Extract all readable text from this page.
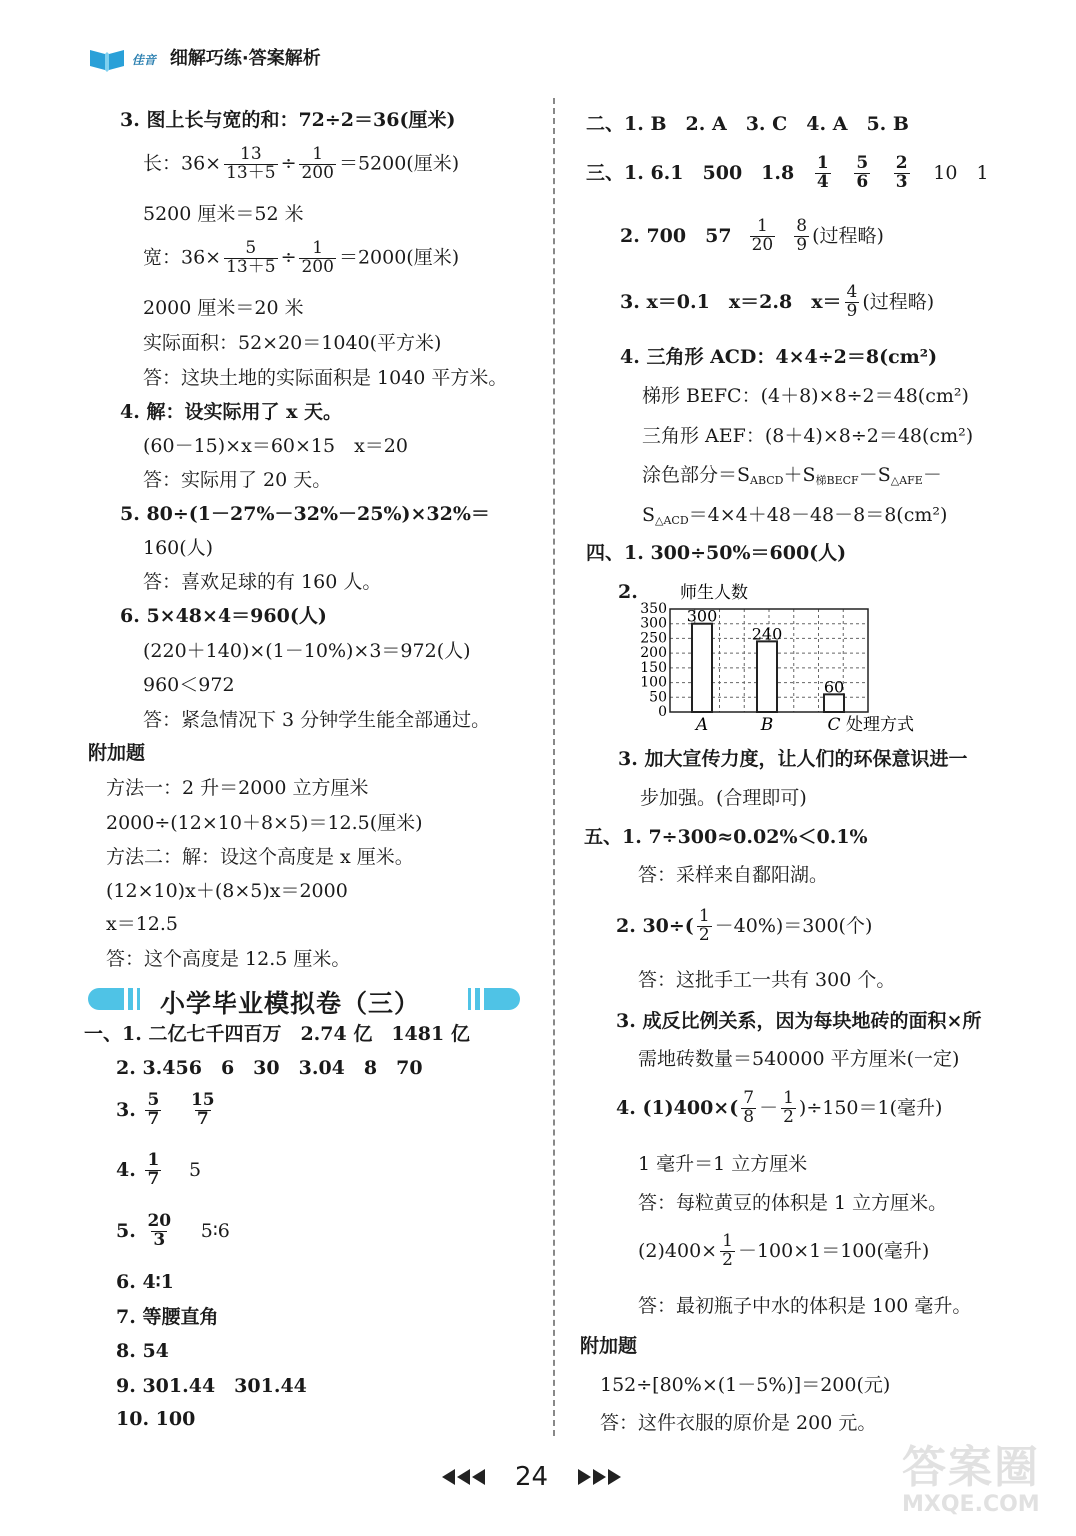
佳音 细解巧练·答案解析
3. 图上长与宽的和：72÷2＝36(厘米)
长：$36\times \frac{13}{13+5} \div \frac{1}{200} =5200$(厘米)
5200 厘米＝52 米
宽：$36\times \frac{5}{13+5} \div \frac{1}{200} =2000$(厘米)
2000 厘米＝20 米
实际面积：52×20＝1040(平方米)
答：这块土地的实际面积是 1040 平方米。
4. 解：设实际用了 x 天。
(60－15)×x＝60×15　x＝20
答：实际用了 20 天。
5. 80÷(1－27%－32%－25%)×32%＝
160(人)
答：喜欢足球的有 160 人。
6. 5×48×4＝960(人)
(220＋140)×(1－10%)×3＝972(人)
960＜972
答：紧急情况下 3 分钟学生能全部通过。
附加题
方法一：2 升＝2000 立方厘米
2000÷(12×10＋8×5)＝12.5(厘米)
方法二：解：设这个高度是 x 厘米。
(12×10)x＋(8×5)x＝2000
x＝12.5
答：这个高度是 12.5 厘米。
小学毕业模拟卷（三）
一、1. 二亿七千四百万　2.74 亿　1481 亿
2. 3.456　6　30　3.04　8　70
3. $\frac{5}{7}$
$\frac{15}{7}$
4. $\frac{1}{7} 5$
5. $\frac{20}{3}$ 5∶6
6. 4∶1
7. 等腰直角
8. 54
9. 301.44　301.44
10. 100
二、1. B　2. A　3. C　4. A　5. B
三、1. 6.1　500　$1.8 \frac{1}{4}$
$\frac{5}{6}$
$\frac{2}{3} 10$　1
2. 700　$57 \frac{1}{20}$
$\frac{8}{9}$ (过程略)
3. x＝0.1　x＝2.8　$x= \frac{4}{9}$ (过程略)
4. 三角形 ACD：4×4÷2＝8(cm²)
梯形 BEFC：(4＋8)×8÷2＝48(cm²)
三角形 AEF：(8＋4)×8÷2＝48(cm²)
涂色部分$=S_{ABCD}+S_{梯BECF}-S_{\triangle AFE}-$
$S_{\triangle ACD}=4\times 4+48-48-8=8(cm^2)$
四、1. 300÷50%＝600(人)
2. 师生人数
处理方式
350
300
250
200
150
100
50
0
300
A
240
B
60
C
3. 加大宣传力度，让人们的环保意识进一
步加强。(合理即可)
五、1. 7÷300≈0.02%＜0.1%
答：采样来自鄱阳湖。
2. $30\div( \frac{1}{2} -40\%)=300$(个)
答：这批手工一共有 300 个。
3. 成反比例关系，因为每块地砖的面积×所
需地砖数量＝540000 平方厘米(一定)
4. $(1)400\times( \frac{7}{8} - \frac{1}{2} )\div 150=1$(毫升)
1 毫升＝1 立方厘米
答：每粒黄豆的体积是 1 立方厘米。
$(2)400\times \frac{1}{2} -100\times 1=100$(毫升)
答：最初瓶子中水的体积是 100 毫升。
附加题
152÷[80%×(1－5%)]＝200(元)
答：这件衣服的原价是 200 元。
24	答案圈
MXQE.COM
